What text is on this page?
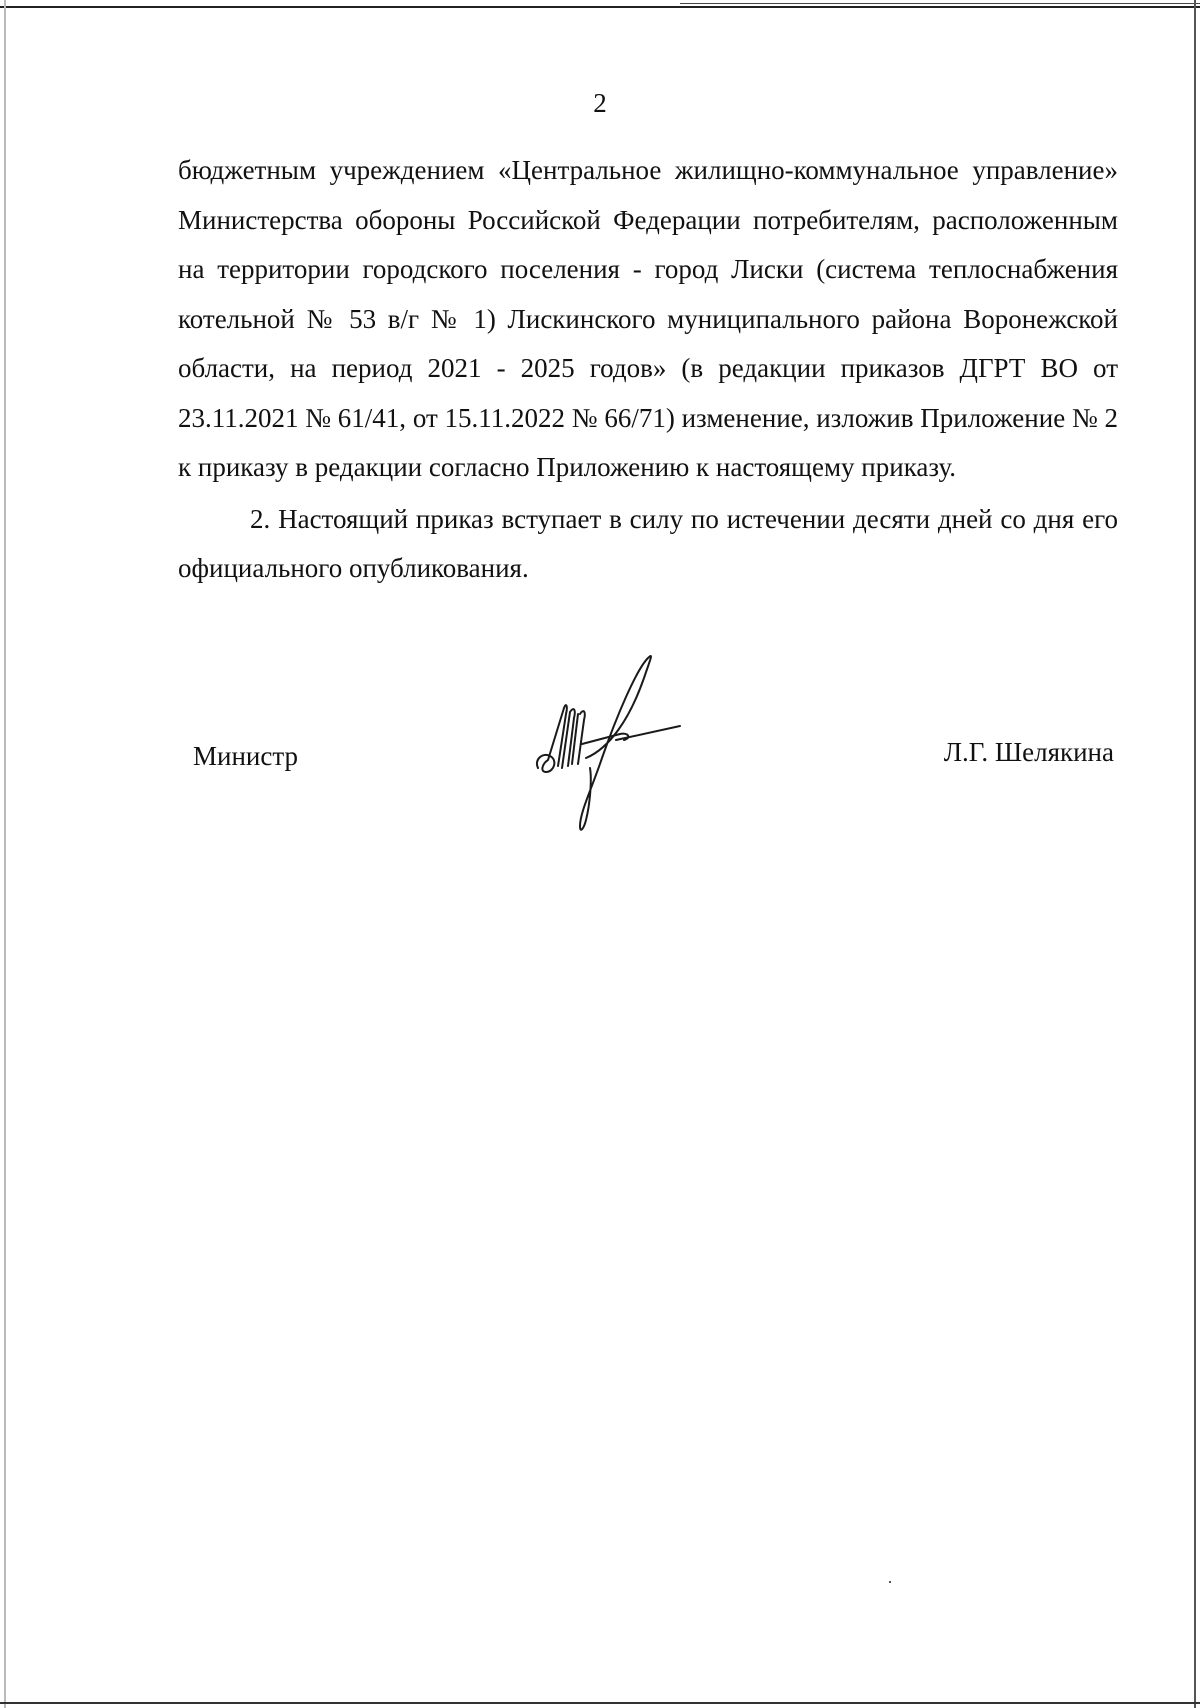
2

бюджетным учреждением «Центральное жилищно-коммунальное управление» Министерства обороны Российской Федерации потребителям, расположенным на территории городского поселения - город Лиски (система теплоснабжения котельной № 53 в/г № 1) Лискинского муниципального района Воронежской области, на период 2021 - 2025 годов» (в редакции приказов ДГРТ ВО от 23.11.2021 № 61/41, от 15.11.2022 № 66/71) изменение, изложив Приложение № 2 к приказу в редакции согласно Приложению к настоящему приказу.

2. Настоящий приказ вступает в силу по истечении десяти дней со дня его официального опубликования.

Министр	Л.Г. Шелякина
